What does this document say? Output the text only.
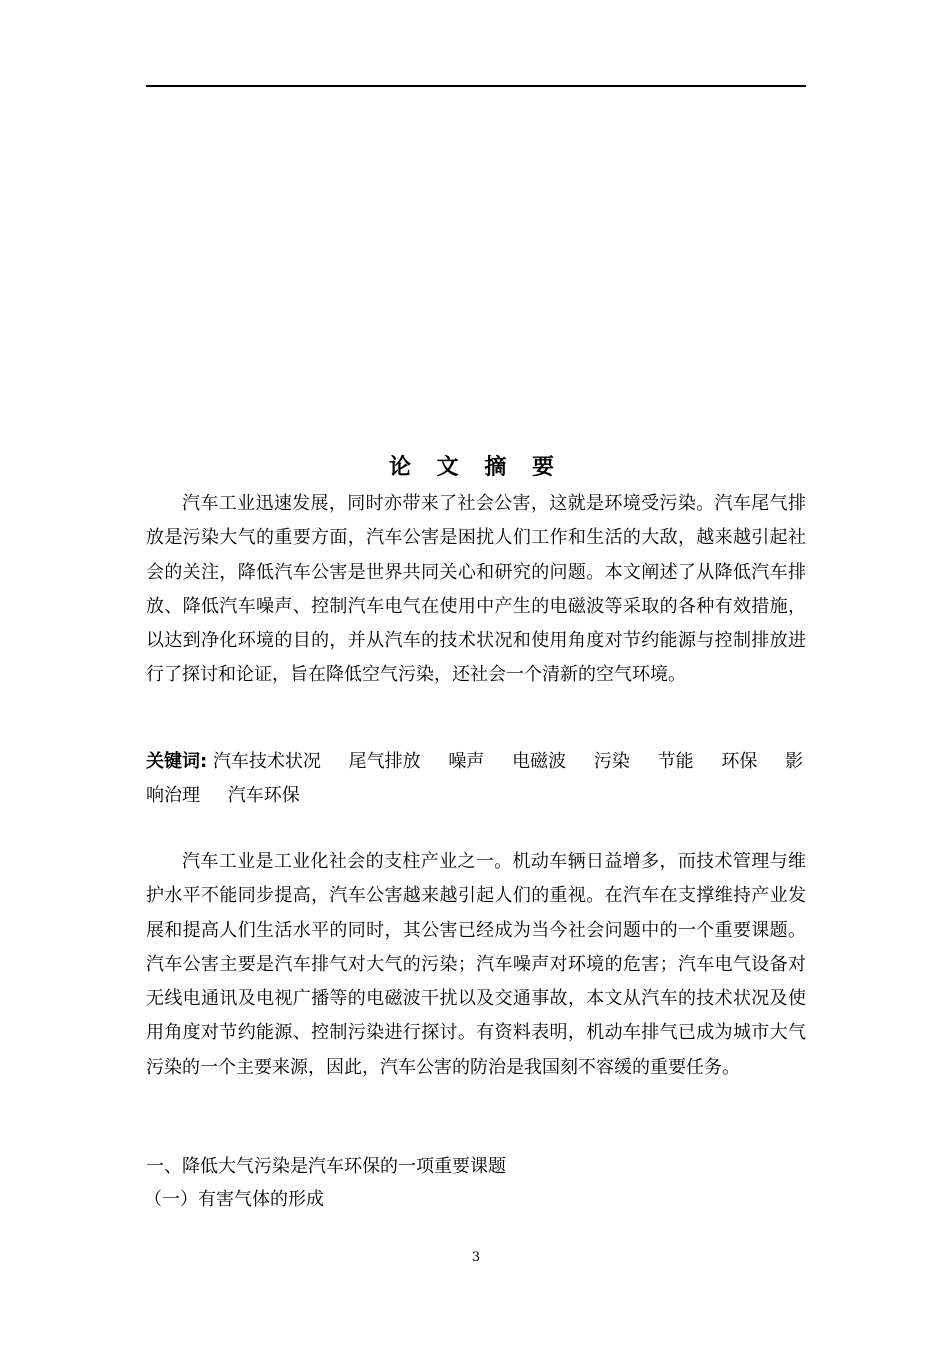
论 文 摘 要

汽车工业迅速发展，同时亦带来了社会公害，这就是环境受污染。汽车尾气排放是污染大气的重要方面，汽车公害是困扰人们工作和生活的大敌，越来越引起社会的关注，降低汽车公害是世界共同关心和研究的问题。本文阐述了从降低汽车排放、降低汽车噪声、控制汽车电气在使用中产生的电磁波等采取的各种有效措施，以达到净化环境的目的，并从汽车的技术状况和使用角度对节约能源与控制排放进行了探讨和论证，旨在降低空气污染，还社会一个清新的空气环境。

关键词: 汽车技术状况 尾气排放 噪声 电磁波 污染 节能 环保 影响治理 汽车环保

汽车工业是工业化社会的支柱产业之一。机动车辆日益增多，而技术管理与维护水平不能同步提高，汽车公害越来越引起人们的重视。在汽车在支撑维持产业发展和提高人们生活水平的同时，其公害已经成为当今社会问题中的一个重要课题。汽车公害主要是汽车排气对大气的污染；汽车噪声对环境的危害；汽车电气设备对无线电通讯及电视广播等的电磁波干扰以及交通事故，本文从汽车的技术状况及使用角度对节约能源、控制污染进行探讨。有资料表明，机动车排气已成为城市大气污染的一个主要来源，因此，汽车公害的防治是我国刻不容缓的重要任务。

一、降低大气污染是汽车环保的一项重要课题

（一）有害气体的形成

3
